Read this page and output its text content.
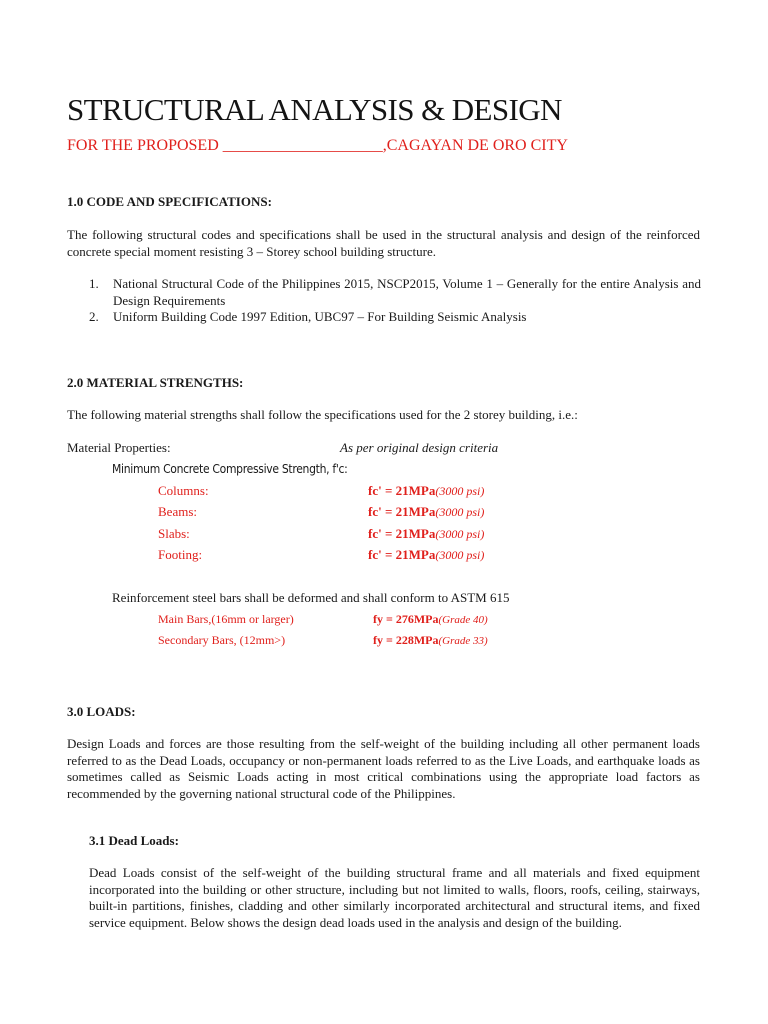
STRUCTURAL ANALYSIS & DESIGN
FOR THE PROPOSED ____________________,CAGAYAN DE ORO CITY
1.0 CODE AND SPECIFICATIONS:
The following structural codes and specifications shall be used in the structural analysis and design of the reinforced concrete special moment resisting 3 – Storey school building structure.
1. National Structural Code of the Philippines 2015, NSCP2015, Volume 1 – Generally for the entire Analysis and Design Requirements
2. Uniform Building Code 1997 Edition, UBC97 – For Building Seismic Analysis
2.0 MATERIAL STRENGTHS:
The following material strengths shall follow the specifications used for the 2 storey building, i.e.:
Material Properties:	As per original design criteria
Minimum Concrete Compressive Strength, f'c:
Columns:	fc' = 21MPa(3000 psi)
Beams:	fc' = 21MPa(3000 psi)
Slabs:	fc' = 21MPa(3000 psi)
Footing:	fc' = 21MPa(3000 psi)
Reinforcement steel bars shall be deformed and shall conform to ASTM 615
Main Bars,(16mm or larger)	fy = 276MPa(Grade 40)
Secondary Bars, (12mm>)	fy = 228MPa(Grade 33)
3.0 LOADS:
Design Loads and forces are those resulting from the self-weight of the building including all other permanent loads referred to as the Dead Loads, occupancy or non-permanent loads referred to as the Live Loads, and earthquake loads as sometimes called as Seismic Loads acting in most critical combinations using the appropriate load factors as recommended by the governing national structural code of the Philippines.
3.1 Dead Loads:
Dead Loads consist of the self-weight of the building structural frame and all materials and fixed equipment incorporated into the building or other structure, including but not limited to walls, floors, roofs, ceiling, stairways, built-in partitions, finishes, cladding and other similarly incorporated architectural and structural items, and fixed service equipment. Below shows the design dead loads used in the analysis and design of the building.
